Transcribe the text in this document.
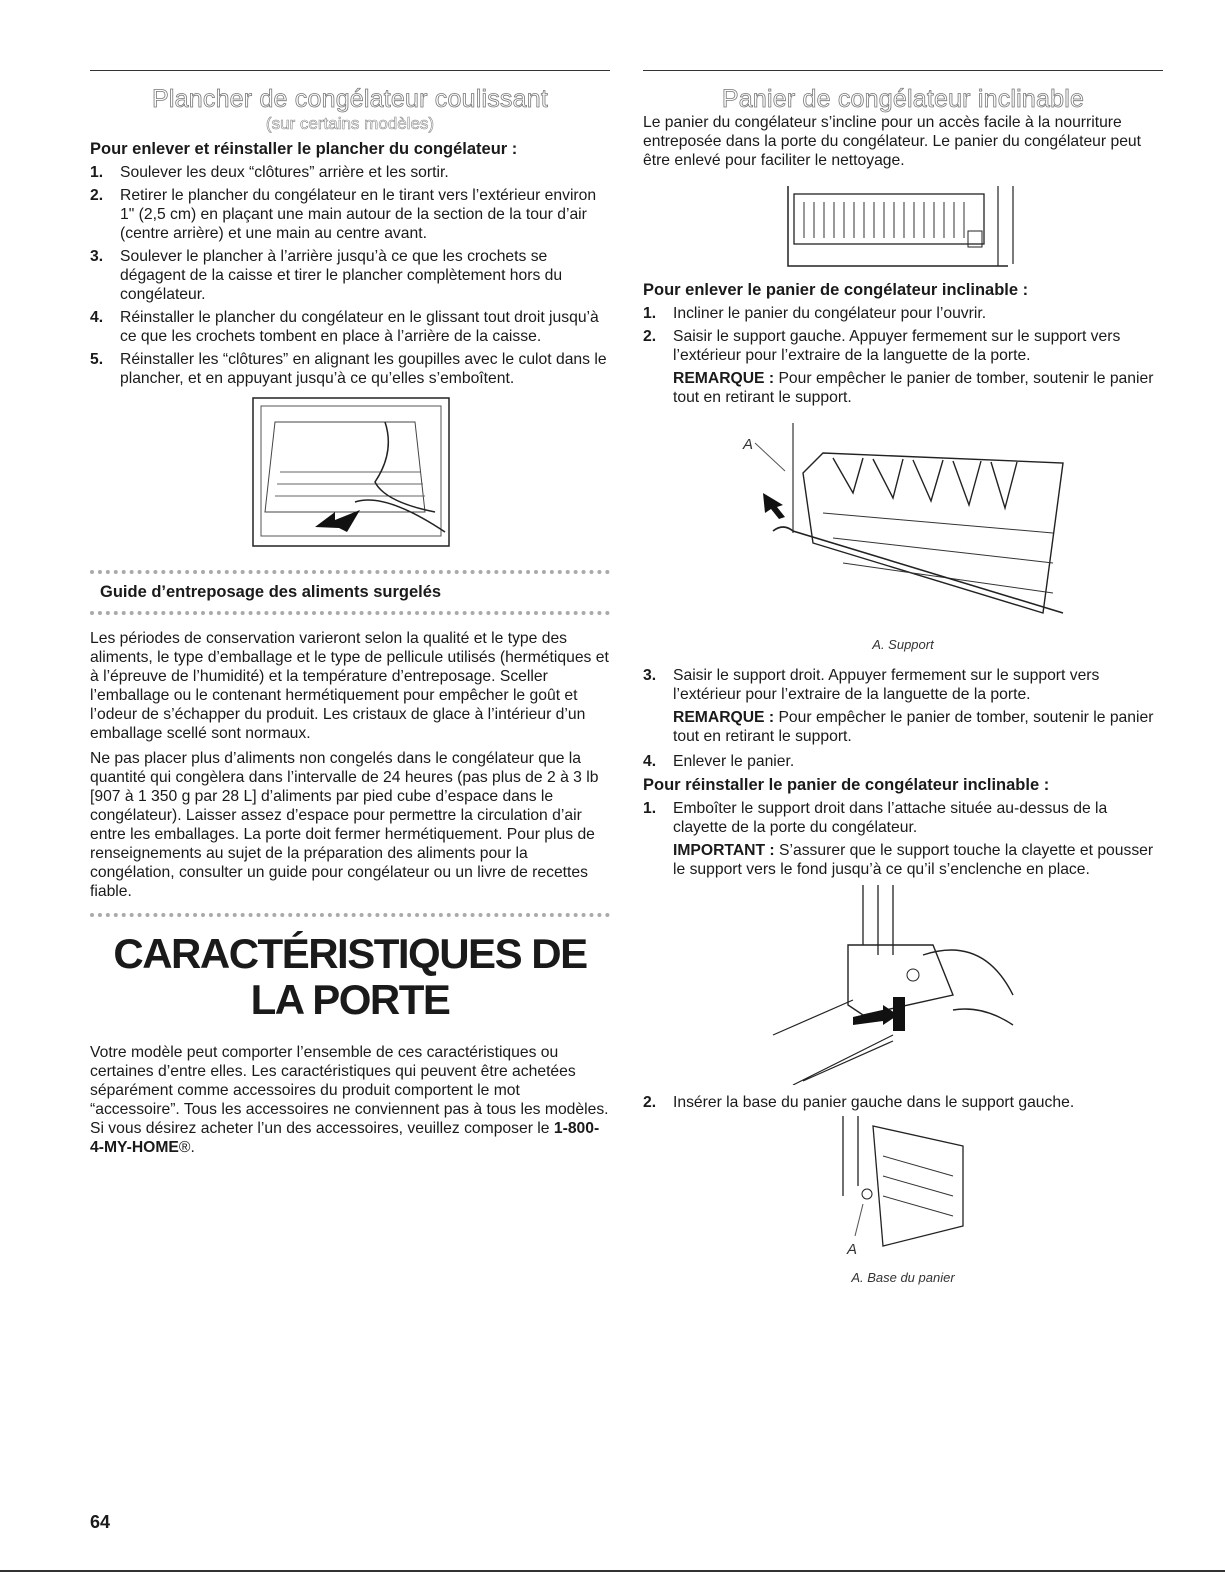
Plancher de congélateur coulissant
(sur certains modèles)
Pour enlever et réinstaller le plancher du congélateur :
1. Soulever les deux “clôtures” arrière et les sortir.
2. Retirer le plancher du congélateur en le tirant vers l’extérieur environ 1" (2,5 cm) en plaçant une main autour de la section de la tour d’air (centre arrière) et une main au centre avant.
3. Soulever le plancher à l’arrière jusqu’à ce que les crochets se dégagent de la caisse et tirer le plancher complètement hors du congélateur.
4. Réinstaller le plancher du congélateur en le glissant tout droit jusqu’à ce que les crochets tombent en place à l’arrière de la caisse.
5. Réinstaller les “clôtures” en alignant les goupilles avec le culot dans le plancher, et en appuyant jusqu’à ce qu’elles s’emboîtent.
Guide d’entreposage des aliments surgelés

Les périodes de conservation varieront selon la qualité et le type des aliments, le type d’emballage et le type de pellicule utilisés (hermétiques et à l’épreuve de l’humidité) et la température d’entreposage. Sceller l’emballage ou le contenant hermétiquement pour empêcher le goût et l’odeur de s’échapper du produit. Les cristaux de glace à l’intérieur d’un emballage scellé sont normaux.

Ne pas placer plus d’aliments non congelés dans le congélateur que la quantité qui congèlera dans l’intervalle de 24 heures (pas plus de 2 à 3 lb [907 à 1 350 g par 28 L] d’aliments par pied cube d’espace dans le congélateur). Laisser assez d’espace pour permettre la circulation d’air entre les emballages. La porte doit fermer hermétiquement. Pour plus de renseignements au sujet de la préparation des aliments pour la congélation, consulter un guide pour congélateur ou un livre de recettes fiable.

CARACTÉRISTIQUES DE
LA PORTE

Votre modèle peut comporter l’ensemble de ces caractéristiques ou certaines d’entre elles. Les caractéristiques qui peuvent être achetées séparément comme accessoires du produit comportent le mot “accessoire”. Tous les accessoires ne conviennent pas à tous les modèles. Si vous désirez acheter l’un des accessoires, veuillez composer le 1-800-4-MY-HOME®.

Panier de congélateur inclinable

Le panier du congélateur s’incline pour un accès facile à la nourriture entreposée dans la porte du congélateur. Le panier du congélateur peut être enlevé pour faciliter le nettoyage.

Pour enlever le panier de congélateur inclinable :
1. Incliner le panier du congélateur pour l’ouvrir.
2. Saisir le support gauche. Appuyer fermement sur le support vers l’extérieur pour l’extraire de la languette de la porte.
REMARQUE : Pour empêcher le panier de tomber, soutenir le panier tout en retirant le support.
A
A. Support
3. Saisir le support droit. Appuyer fermement sur le support vers l’extérieur pour l’extraire de la languette de la porte.
REMARQUE : Pour empêcher le panier de tomber, soutenir le panier tout en retirant le support.
4. Enlever le panier.
Pour réinstaller le panier de congélateur inclinable :
1. Emboîter le support droit dans l’attache située au-dessus de la clayette de la porte du congélateur.
IMPORTANT : S’assurer que le support touche la clayette et pousser le support vers le fond jusqu’à ce qu’il s’enclenche en place.
2. Insérer la base du panier gauche dans le support gauche.
A
A. Base du panier
64
